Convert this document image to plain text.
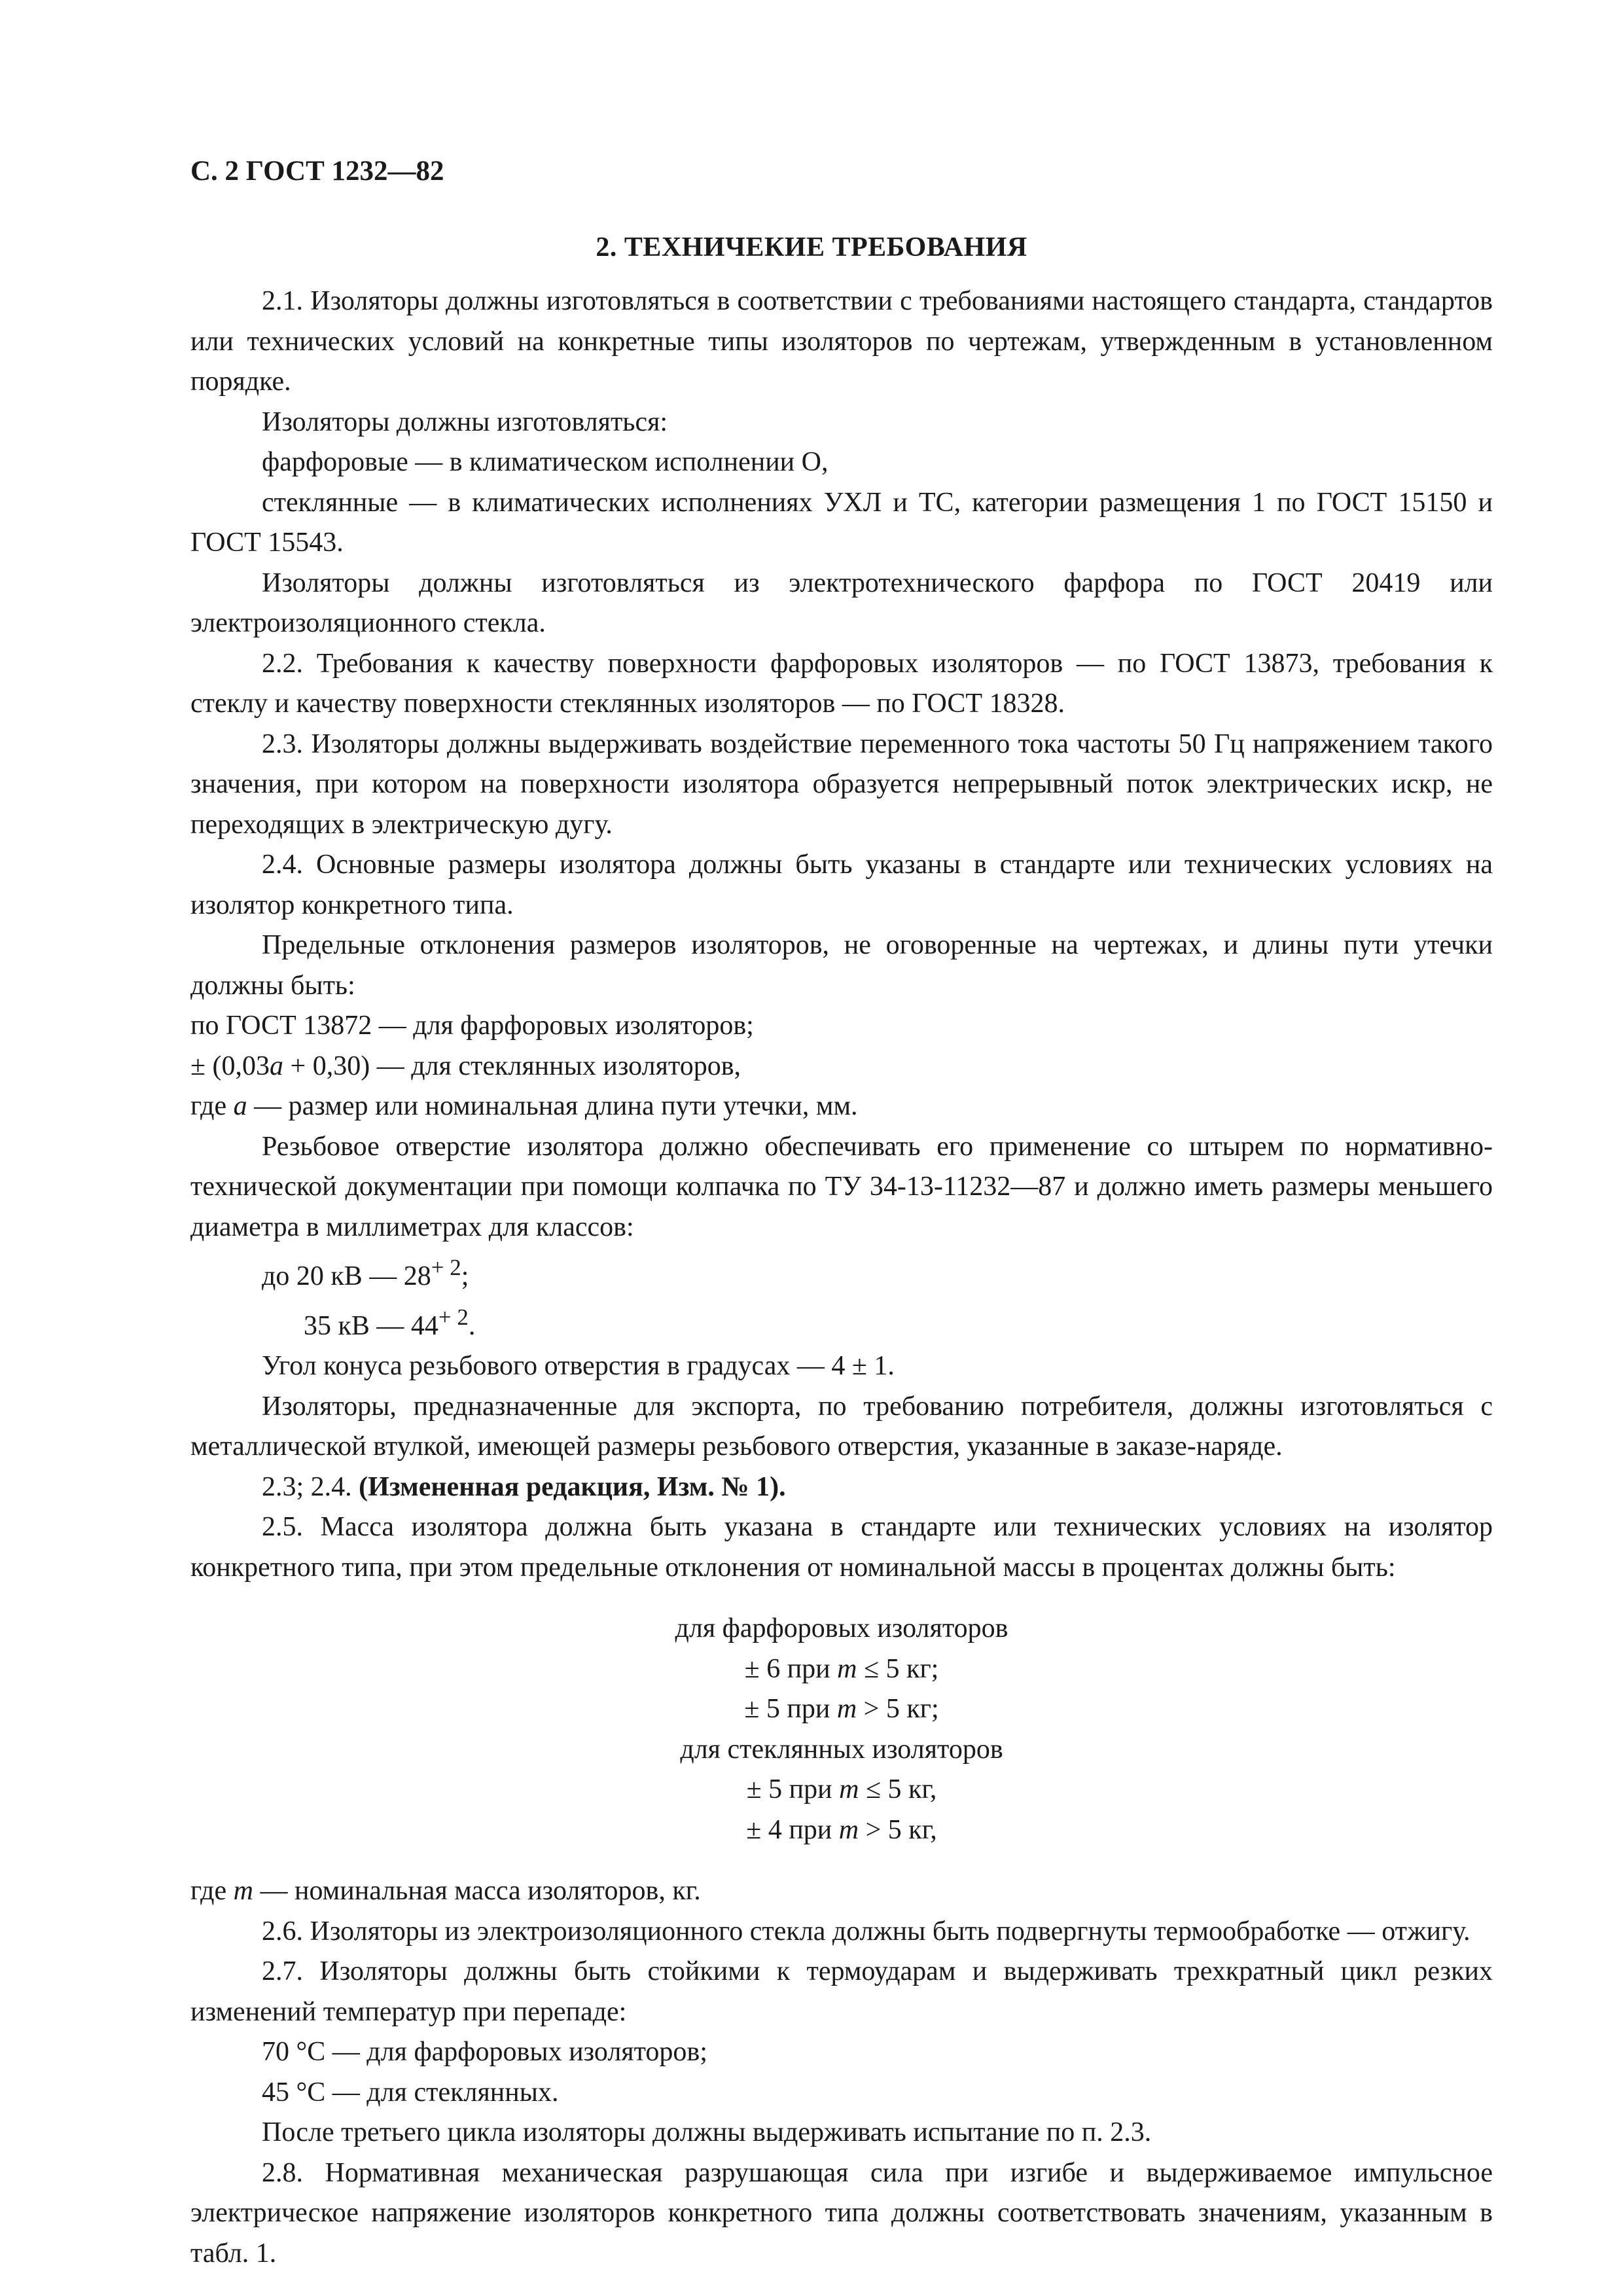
С. 2 ГОСТ 1232—82
2. ТЕХНИЧЕКИЕ ТРЕБОВАНИЯ

2.1. Изоляторы должны изготовляться в соответствии с требованиями настоящего стандарта, стандартов или технических условий на конкретные типы изоляторов по чертежам, утвержденным в установленном порядке.

Изоляторы должны изготовляться:

фарфоровые — в климатическом исполнении О,

стеклянные — в климатических исполнениях УХЛ и ТС, категории размещения 1 по ГОСТ 15150 и ГОСТ 15543.

Изоляторы должны изготовляться из электротехнического фарфора по ГОСТ 20419 или электроизоляционного стекла.

2.2. Требования к качеству поверхности фарфоровых изоляторов — по ГОСТ 13873, требования к стеклу и качеству поверхности стеклянных изоляторов — по ГОСТ 18328.

2.3. Изоляторы должны выдерживать воздействие переменного тока частоты 50 Гц напряжением такого значения, при котором на поверхности изолятора образуется непрерывный поток электрических искр, не переходящих в электрическую дугу.

2.4. Основные размеры изолятора должны быть указаны в стандарте или технических условиях на изолятор конкретного типа.

Предельные отклонения размеров изоляторов, не оговоренные на чертежах, и длины пути утечки должны быть:

по ГОСТ 13872 — для фарфоровых изоляторов;

± (0,03а + 0,30) — для стеклянных изоляторов,

где а — размер или номинальная длина пути утечки, мм.

Резьбовое отверстие изолятора должно обеспечивать его применение со штырем по нормативно-технической документации при помощи колпачка по ТУ 34-13-11232—87 и должно иметь размеры меньшего диаметра в миллиметрах для классов:

до 20 кВ — $28^{+ 2}$;

35 кВ — $44^{+ 2}$.

Угол конуса резьбового отверстия в градусах — 4 ± 1.

Изоляторы, предназначенные для экспорта, по требованию потребителя, должны изготовляться с металлической втулкой, имеющей размеры резьбового отверстия, указанные в заказе-наряде.

2.3; 2.4. (Измененная редакция, Изм. № 1).

2.5. Масса изолятора должна быть указана в стандарте или технических условиях на изолятор конкретного типа, при этом предельные отклонения от номинальной массы в процентах должны быть:

для фарфоровых изоляторов

± 6 при m ≤ 5 кг;

± 5 при m > 5 кг;

для стеклянных изоляторов

± 5 при m ≤ 5 кг,

± 4 при m > 5 кг,

где m — номинальная масса изоляторов, кг.

2.6. Изоляторы из электроизоляционного стекла должны быть подвергнуты термообработке — отжигу.

2.7. Изоляторы должны быть стойкими к термоударам и выдерживать трехкратный цикл резких изменений температур при перепаде:

70 °С — для фарфоровых изоляторов;

45 °С — для стеклянных.

После третьего цикла изоляторы должны выдерживать испытание по п. 2.3.

2.8. Нормативная механическая разрушающая сила при изгибе и выдерживаемое импульсное электрическое напряжение изоляторов конкретного типа должны соответствовать значениям, указанным в табл. 1.
